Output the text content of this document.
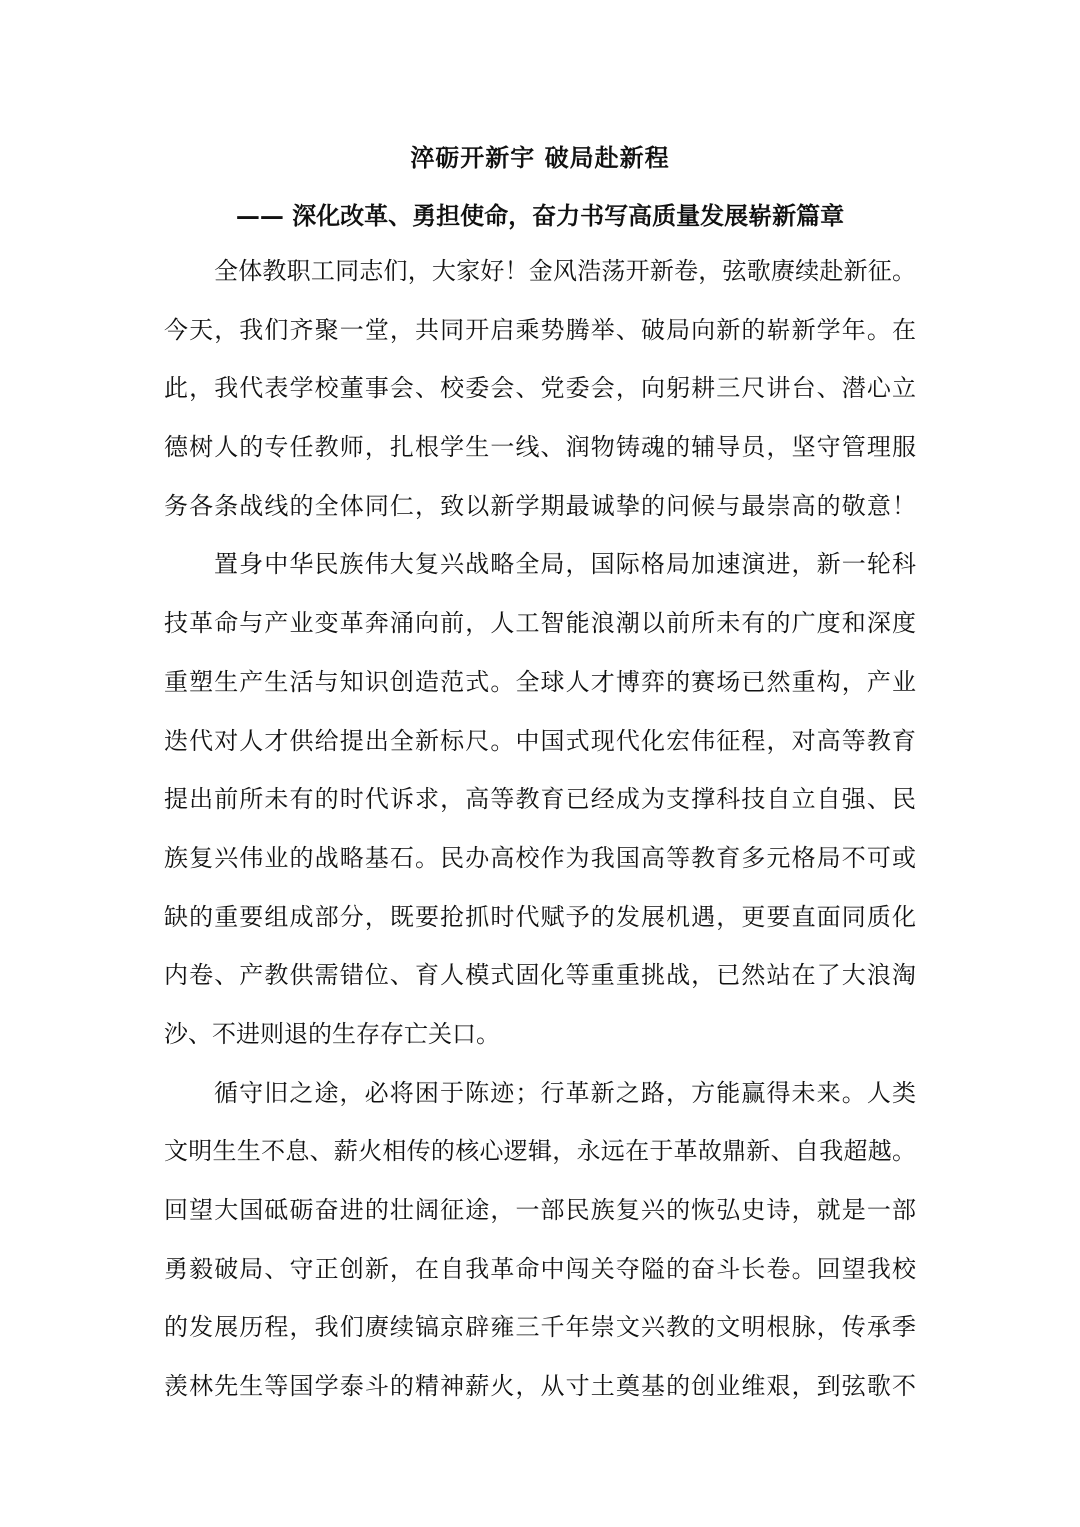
淬砺开新宇 破局赴新程
—— 深化改革、勇担使命，奋力书写高质量发展崭新篇章
全体教职工同志们，大家好！金风浩荡开新卷，弦歌赓续赴新征。
今天，我们齐聚一堂，共同开启乘势腾举、破局向新的崭新学年。在
此，我代表学校董事会、校委会、党委会，向躬耕三尺讲台、潜心立
德树人的专任教师，扎根学生一线、润物铸魂的辅导员，坚守管理服
务各条战线的全体同仁，致以新学期最诚挚的问候与最崇高的敬意！
置身中华民族伟大复兴战略全局，国际格局加速演进，新一轮科
技革命与产业变革奔涌向前，人工智能浪潮以前所未有的广度和深度
重塑生产生活与知识创造范式。全球人才博弈的赛场已然重构，产业
迭代对人才供给提出全新标尺。中国式现代化宏伟征程，对高等教育
提出前所未有的时代诉求，高等教育已经成为支撑科技自立自强、民
族复兴伟业的战略基石。民办高校作为我国高等教育多元格局不可或
缺的重要组成部分，既要抢抓时代赋予的发展机遇，更要直面同质化
内卷、产教供需错位、育人模式固化等重重挑战，已然站在了大浪淘
沙、不进则退的生存存亡关口。
循守旧之途，必将困于陈迹；行革新之路，方能赢得未来。人类
文明生生不息、薪火相传的核心逻辑，永远在于革故鼎新、自我超越。
回望大国砥砺奋进的壮阔征途，一部民族复兴的恢弘史诗，就是一部
勇毅破局、守正创新，在自我革命中闯关夺隘的奋斗长卷。回望我校
的发展历程，我们赓续镐京辟雍三千年崇文兴教的文明根脉，传承季
羡林先生等国学泰斗的精神薪火，从寸土奠基的创业维艰，到弦歌不
